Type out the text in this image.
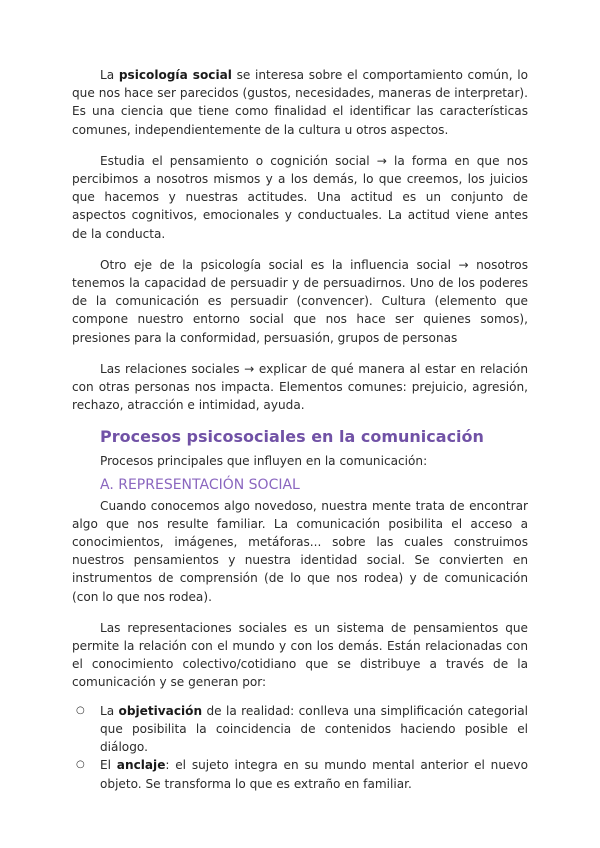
La psicología social se interesa sobre el comportamiento común, lo que nos hace ser parecidos (gustos, necesidades, maneras de interpretar). Es una ciencia que tiene como finalidad el identificar las características comunes, independientemente de la cultura u otros aspectos.

Estudia el pensamiento o cognición social → la forma en que nos percibimos a nosotros mismos y a los demás, lo que creemos, los juicios que hacemos y nuestras actitudes. Una actitud es un conjunto de aspectos cognitivos, emocionales y conductuales. La actitud viene antes de la conducta.

Otro eje de la psicología social es la influencia social → nosotros tenemos la capacidad de persuadir y de persuadirnos. Uno de los poderes de la comunicación es persuadir (convencer). Cultura (elemento que compone nuestro entorno social que nos hace ser quienes somos), presiones para la conformidad, persuasión, grupos de personas

Las relaciones sociales → explicar de qué manera al estar en relación con otras personas nos impacta. Elementos comunes: prejuicio, agresión, rechazo, atracción e intimidad, ayuda.

Procesos psicosociales en la comunicación

Procesos principales que influyen en la comunicación:

A. REPRESENTACIÓN SOCIAL

Cuando conocemos algo novedoso, nuestra mente trata de encontrar algo que nos resulte familiar. La comunicación posibilita el acceso a conocimientos, imágenes, metáforas... sobre las cuales construimos nuestros pensamientos y nuestra identidad social. Se convierten en instrumentos de comprensión (de lo que nos rodea) y de comunicación (con lo que nos rodea).

Las representaciones sociales es un sistema de pensamientos que permite la relación con el mundo y con los demás. Están relacionadas con el conocimiento colectivo/cotidiano que se distribuye a través de la comunicación y se generan por:

○ La objetivación de la realidad: conlleva una simplificación categorial que posibilita la coincidencia de contenidos haciendo posible el diálogo.
○ El anclaje: el sujeto integra en su mundo mental anterior el nuevo objeto. Se transforma lo que es extraño en familiar.
